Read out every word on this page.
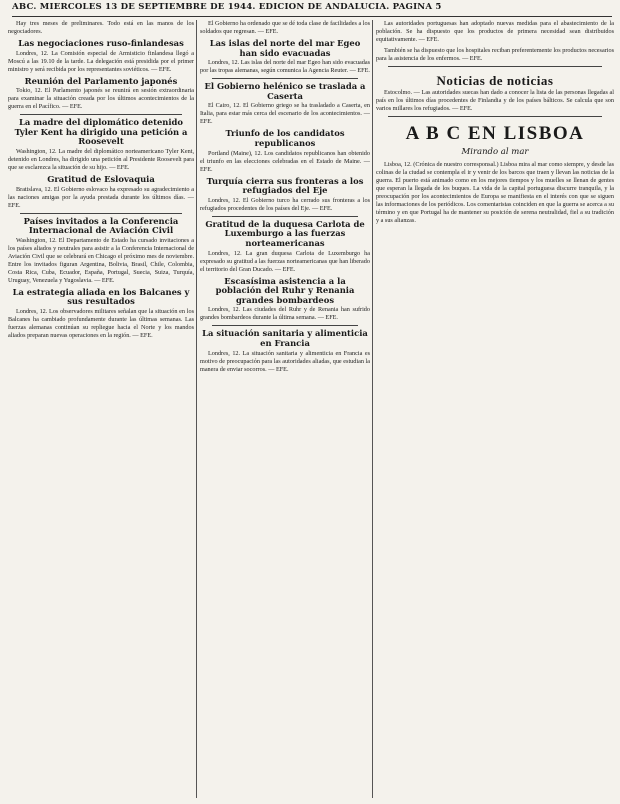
ABC. MIERCOLES 13 DE SEPTIEMBRE DE 1944. EDICION DE ANDALUCIA. PAGINA 5

Hay tres meses de preliminares. Todo está en las manos de los negociadores.

Las negociaciones ruso-finlandesas

Londres, 12. La Comisión especial de Armisticio finlandesa llegó a Moscú a las 19.10 de la tarde. La delegación está presidida por el primer ministro y será recibida por los representantes soviéticos. — EFE.

Reunión del Parlamento japonés

Tokio, 12. El Parlamento japonés se reunirá en sesión extraordinaria para examinar la situación creada por los últimos acontecimientos de la guerra en el Pacífico. — EFE.

La madre del diplomático detenido Tyler Kent ha dirigido una petición a Roosevelt

Washington, 12. La madre del diplomático norteamericano Tyler Kent, detenido en Londres, ha dirigido una petición al Presidente Roosevelt para que se esclarezca la situación de su hijo. — EFE.

Gratitud de Eslovaquia

Bratislava, 12. El Gobierno eslovaco ha expresado su agradecimiento a las naciones amigas por la ayuda prestada durante los últimos días. — EFE.

Países invitados a la Conferencia Internacional de Aviación Civil

Washington, 12. El Departamento de Estado ha cursado invitaciones a los países aliados y neutrales para asistir a la Conferencia Internacional de Aviación Civil que se celebrará en Chicago el próximo mes de noviembre. Entre los invitados figuran Argentina, Bolivia, Brasil, Chile, Colombia, Costa Rica, Cuba, Ecuador, España, Portugal, Suecia, Suiza, Turquía, Uruguay, Venezuela y Yugoslavia. — EFE.

La estrategia aliada en los Balcanes y sus resultados

Londres, 12. Los observadores militares señalan que la situación en los Balcanes ha cambiado profundamente durante las últimas semanas. Las fuerzas alemanas continúan su repliegue hacia el Norte y los mandos aliados preparan nuevas operaciones en la región. — EFE.

El Gobierno ha ordenado que se dé toda clase de facilidades a los soldados que regresan. — EFE.

Las islas del norte del mar Egeo han sido evacuadas

Londres, 12. Las islas del norte del mar Egeo han sido evacuadas por las tropas alemanas, según comunica la Agencia Reuter. — EFE.

El Gobierno helénico se traslada a Caserta

El Cairo, 12. El Gobierno griego se ha trasladado a Caserta, en Italia, para estar más cerca del escenario de los acontecimientos. — EFE.

Triunfo de los candidatos republicanos

Portland (Maine), 12. Los candidatos republicanos han obtenido el triunfo en las elecciones celebradas en el Estado de Maine. — EFE.

Turquía cierra sus fronteras a los refugiados del Eje

Londres, 12. El Gobierno turco ha cerrado sus fronteras a los refugiados procedentes de los países del Eje. — EFE.

Gratitud de la duquesa Carlota de Luxemburgo a las fuerzas norteamericanas

Londres, 12. La gran duquesa Carlota de Luxemburgo ha expresado su gratitud a las fuerzas norteamericanas que han liberado el territorio del Gran Ducado. — EFE.

Escasísima asistencia a la población del Ruhr y Renania grandes bombardeos

Londres, 12. Las ciudades del Ruhr y de Renania han sufrido grandes bombardeos durante la última semana. — EFE.

La situación sanitaria y alimenticia en Francia

Londres, 12. La situación sanitaria y alimenticia en Francia es motivo de preocupación para las autoridades aliadas, que estudian la manera de enviar socorros. — EFE.

Las autoridades portuguesas han adoptado nuevas medidas para el abastecimiento de la población. Se ha dispuesto que los productos de primera necesidad sean distribuidos equitativamente. — EFE.

También se ha dispuesto que los hospitales reciban preferentemente los productos necesarios para la asistencia de los enfermos. — EFE.

Noticias de noticias

Estocolmo. — Las autoridades suecas han dado a conocer la lista de las personas llegadas al país en los últimos días procedentes de Finlandia y de los países bálticos. Se calcula que son varios millares los refugiados. — EFE.

A B C EN LISBOA
Mirando al mar

Lisboa, 12. (Crónica de nuestro corresponsal.) Lisboa mira al mar como siempre, y desde las colinas de la ciudad se contempla el ir y venir de los barcos que traen y llevan las noticias de la guerra. El puerto está animado como en los mejores tiempos y los muelles se llenan de gentes que esperan la llegada de los buques. La vida de la capital portuguesa discurre tranquila, y la preocupación por los acontecimientos de Europa se manifiesta en el interés con que se siguen las informaciones de los periódicos. Los comentaristas coinciden en que la guerra se acerca a su término y en que Portugal ha de mantener su posición de serena neutralidad, fiel a su tradición y a sus alianzas.
